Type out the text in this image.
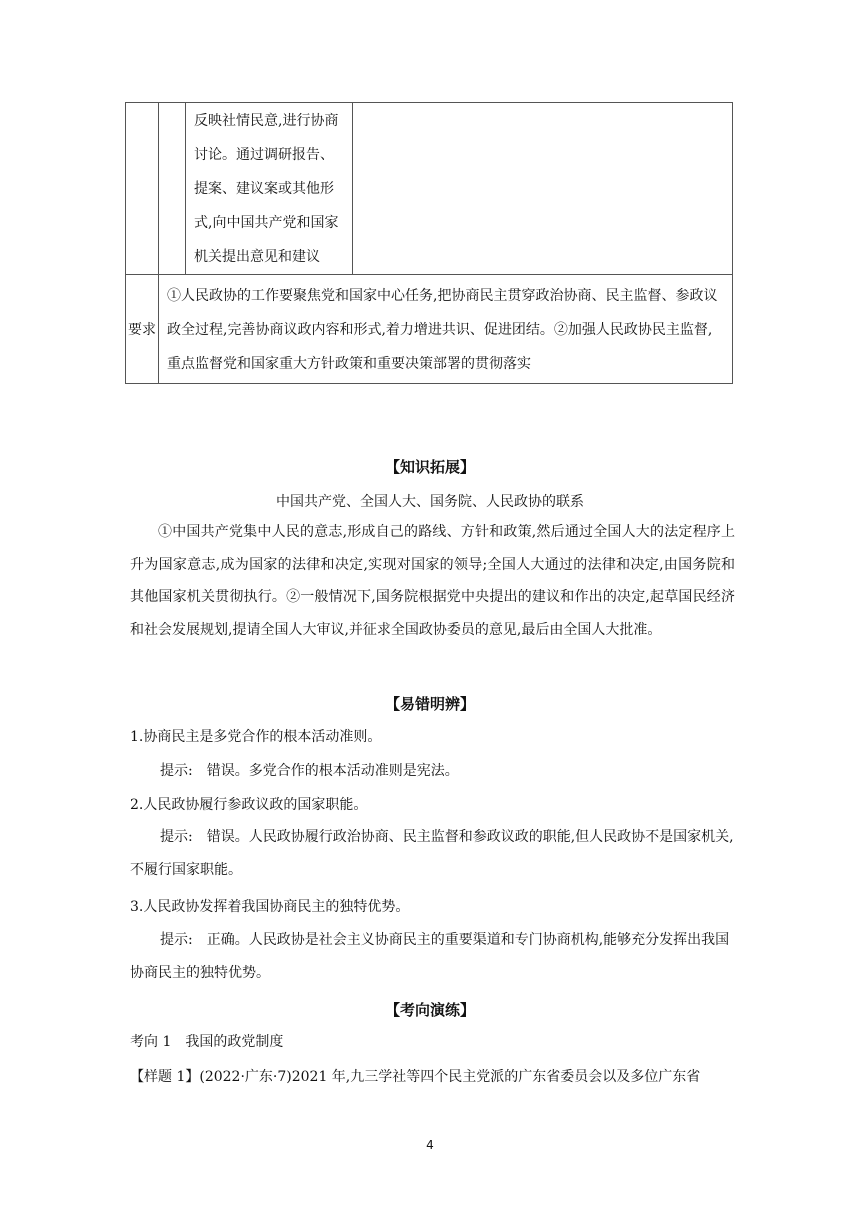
		反映社情民意,进行协商讨论。通过调研报告、提案、建议案或其他形式,向中国共产党和国家机关提出意见和建议	

要求	①人民政协的工作要聚焦党和国家中心任务,把协商民主贯穿政治协商、民主监督、参政议政全过程,完善协商议政内容和形式,着力增进共识、促进团结。②加强人民政协民主监督,重点监督党和国家重大方针政策和重要决策部署的贯彻落实		
【知识拓展】
中国共产党、全国人大、国务院、人民政协的联系
①中国共产党集中人民的意志,形成自己的路线、方针和政策,然后通过全国人大的法定程序上升为国家意志,成为国家的法律和决定,实现对国家的领导;全国人大通过的法律和决定,由国务院和其他国家机关贯彻执行。②一般情况下,国务院根据党中央提出的建议和作出的决定,起草国民经济和社会发展规划,提请全国人大审议,并征求全国政协委员的意见,最后由全国人大批准。
【易错明辨】
1.协商民主是多党合作的根本活动准则。
提示:　错误。多党合作的根本活动准则是宪法。
2.人民政协履行参政议政的国家职能。
提示:　错误。人民政协履行政治协商、民主监督和参政议政的职能,但人民政协不是国家机关,不履行国家职能。
3.人民政协发挥着我国协商民主的独特优势。
提示:　正确。人民政协是社会主义协商民主的重要渠道和专门协商机构,能够充分发挥出我国协商民主的独特优势。
【考向演练】
考向 1　我国的政党制度
【样题 1】(2022·广东·7)2021 年,九三学社等四个民主党派的广东省委员会以及多位广东省
4
